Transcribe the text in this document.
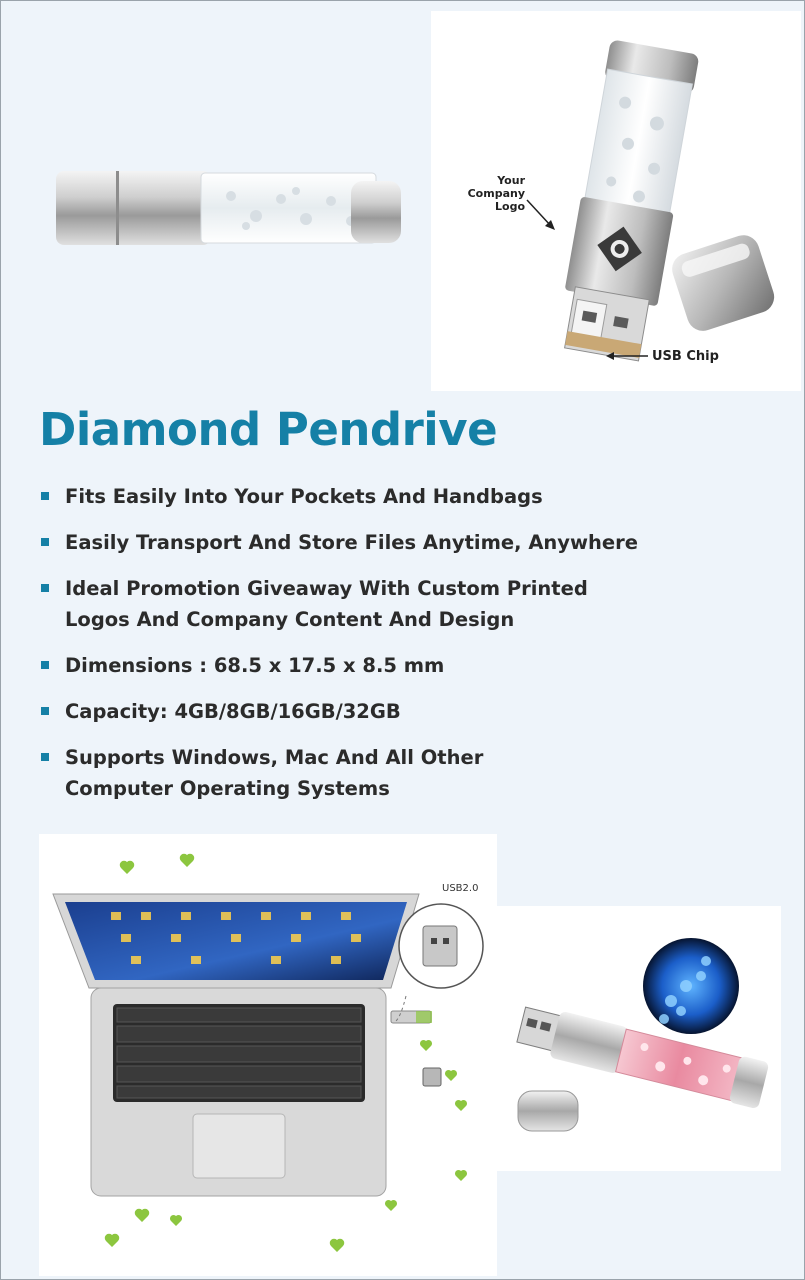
Your Company
Logo
USB Chip
Diamond Pendrive
Fits Easily Into Your Pockets And Handbags
Easily Transport And Store Files Anytime, Anywhere
Ideal Promotion Giveaway With Custom Printed
Logos And Company Content And Design
Dimensions : 68.5 x 17.5 x 8.5 mm
Capacity: 4GB/8GB/16GB/32GB
Supports Windows, Mac And All Other
Computer Operating Systems
USB2.0
